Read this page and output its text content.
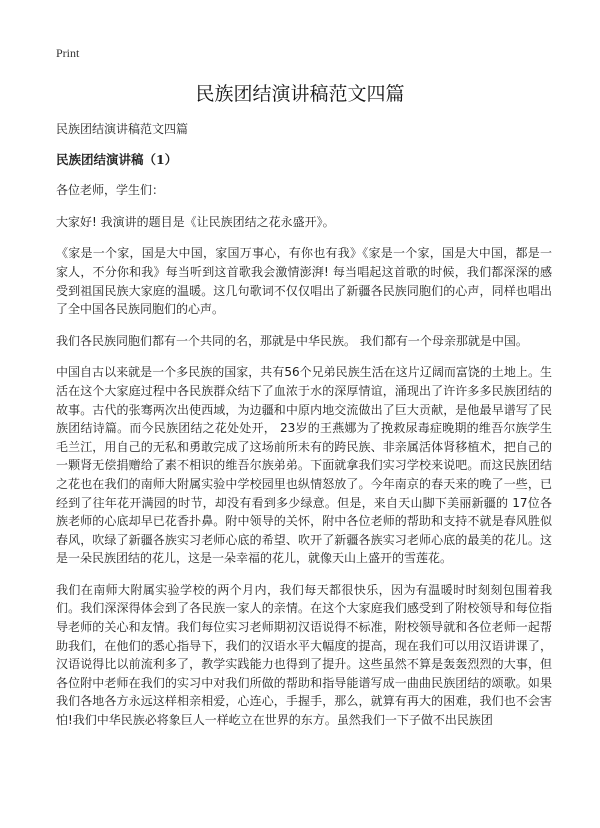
Print
民族团结演讲稿范文四篇

民族团结演讲稿范文四篇

民族团结演讲稿（1）

各位老师，学生们：

大家好! 我演讲的题目是《让民族团结之花永盛开》。

《家是一个家，国是大中国，家国万事心，有你也有我》《家是一个家，国是大中国，都是一家人，不分你和我》每当听到这首歌我会激情澎湃! 每当唱起这首歌的时候，我们都深深的感受到祖国民族大家庭的温暖。这几句歌词不仅仅唱出了新疆各民族同胞们的心声，同样也唱出了全中国各民族同胞们的心声。

我们各民族同胞们都有一个共同的名，那就是中华民族。 我们都有一个母亲那就是中国。

中国自古以来就是一个多民族的国家，共有56个兄弟民族生活在这片辽阔而富饶的土地上。生活在这个大家庭过程中各民族群众结下了血浓于水的深厚情谊，涌现出了许许多多民族团结的故事。古代的张骞两次出使西域，为边疆和中原内地交流做出了巨大贡献，是他最早谱写了民族团结诗篇。而今民族团结之花处处开， 23岁的王燕娜为了挽救尿毒症晚期的维吾尔族学生毛兰江，用自己的无私和勇敢完成了这场前所未有的跨民族、非亲属活体肾移植术，把自己的一颗肾无偿捐赠给了素不相识的维吾尔族弟弟。下面就拿我们实习学校来说吧。而这民族团结之花也在我们的南师大附属实验中学校园里也纵情怒放了。今年南京的春天来的晚了一些，已经到了往年花开满园的时节，却没有看到多少绿意。但是，来自天山脚下美丽新疆的 17位各族老师的心底却早已花香扑鼻。附中领导的关怀，附中各位老师的帮助和支持不就是春风胜似春风，吹绿了新疆各族实习老师心底的希望、吹开了新疆各族实习老师心底的最美的花儿。这是一朵民族团结的花儿，这是一朵幸福的花儿，就像天山上盛开的雪莲花。

我们在南师大附属实验学校的两个月内，我们每天都很快乐，因为有温暖时时刻刻包围着我们。我们深深得体会到了各民族一家人的亲情。在这个大家庭我们感受到了附校领导和每位指导老师的关心和友情。我们每位实习老师期初汉语说得不标准，附校领导就和各位老师一起帮助我们，在他们的悉心指导下，我们的汉语水平大幅度的提高，现在我们可以用汉语讲课了，汉语说得比以前流利多了，教学实践能力也得到了提升。这些虽然不算是轰轰烈烈的大事，但各位附中老师在我们的实习中对我们所做的帮助和指导能谱写成一曲曲民族团结的颂歌。如果我们各地各方永远这样相亲相爱，心连心，手握手，那么，就算有再大的困难，我们也不会害怕!我们中华民族必将象巨人一样屹立在世界的东方。虽然我们一下子做不出民族团
